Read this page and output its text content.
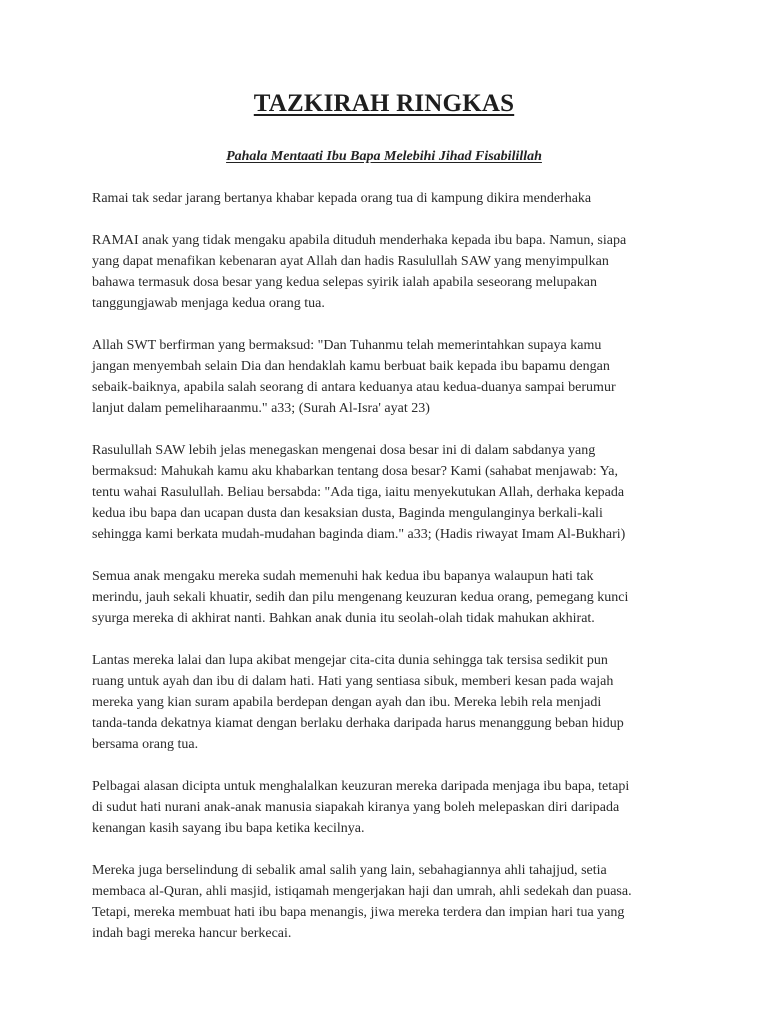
TAZKIRAH RINGKAS
Pahala Mentaati Ibu Bapa Melebihi Jihad Fisabilillah
Ramai tak sedar jarang bertanya khabar kepada orang tua di kampung dikira menderhaka
RAMAI anak yang tidak mengaku apabila dituduh menderhaka kepada ibu bapa. Namun, siapa
yang dapat menafikan kebenaran ayat Allah dan hadis Rasulullah SAW yang menyimpulkan
bahawa termasuk dosa besar yang kedua selepas syirik ialah apabila seseorang melupakan
tanggungjawab menjaga kedua orang tua.
Allah SWT berfirman yang bermaksud: "Dan Tuhanmu telah memerintahkan supaya kamu
jangan menyembah selain Dia dan hendaklah kamu berbuat baik kepada ibu bapamu dengan
sebaik-baiknya, apabila salah seorang di antara keduanya atau kedua-duanya sampai berumur
lanjut dalam pemeliharaanmu." a33; (Surah Al-Isra' ayat 23)
Rasulullah SAW lebih jelas menegaskan mengenai dosa besar ini di dalam sabdanya yang
bermaksud: Mahukah kamu aku khabarkan tentang dosa besar? Kami (sahabat menjawab: Ya,
tentu wahai Rasulullah. Beliau bersabda: "Ada tiga, iaitu menyekutukan Allah, derhaka kepada
kedua ibu bapa dan ucapan dusta dan kesaksian dusta, Baginda mengulanginya berkali-kali
sehingga kami berkata mudah-mudahan baginda diam." a33; (Hadis riwayat Imam Al-Bukhari)
Semua anak mengaku mereka sudah memenuhi hak kedua ibu bapanya walaupun hati tak
merindu, jauh sekali khuatir, sedih dan pilu mengenang keuzuran kedua orang, pemegang kunci
syurga mereka di akhirat nanti. Bahkan anak dunia itu seolah-olah tidak mahukan akhirat.
Lantas mereka lalai dan lupa akibat mengejar cita-cita dunia sehingga tak tersisa sedikit pun
ruang untuk ayah dan ibu di dalam hati. Hati yang sentiasa sibuk, memberi kesan pada wajah
mereka yang kian suram apabila berdepan dengan ayah dan ibu. Mereka lebih rela menjadi
tanda-tanda dekatnya kiamat dengan berlaku derhaka daripada harus menanggung beban hidup
bersama orang tua.
Pelbagai alasan dicipta untuk menghalalkan keuzuran mereka daripada menjaga ibu bapa, tetapi
di sudut hati nurani anak-anak manusia siapakah kiranya yang boleh melepaskan diri daripada
kenangan kasih sayang ibu bapa ketika kecilnya.
Mereka juga berselindung di sebalik amal salih yang lain, sebahagiannya ahli tahajjud, setia
membaca al-Quran, ahli masjid, istiqamah mengerjakan haji dan umrah, ahli sedekah dan puasa.
Tetapi, mereka membuat hati ibu bapa menangis, jiwa mereka terdera dan impian hari tua yang
indah bagi mereka hancur berkecai.
